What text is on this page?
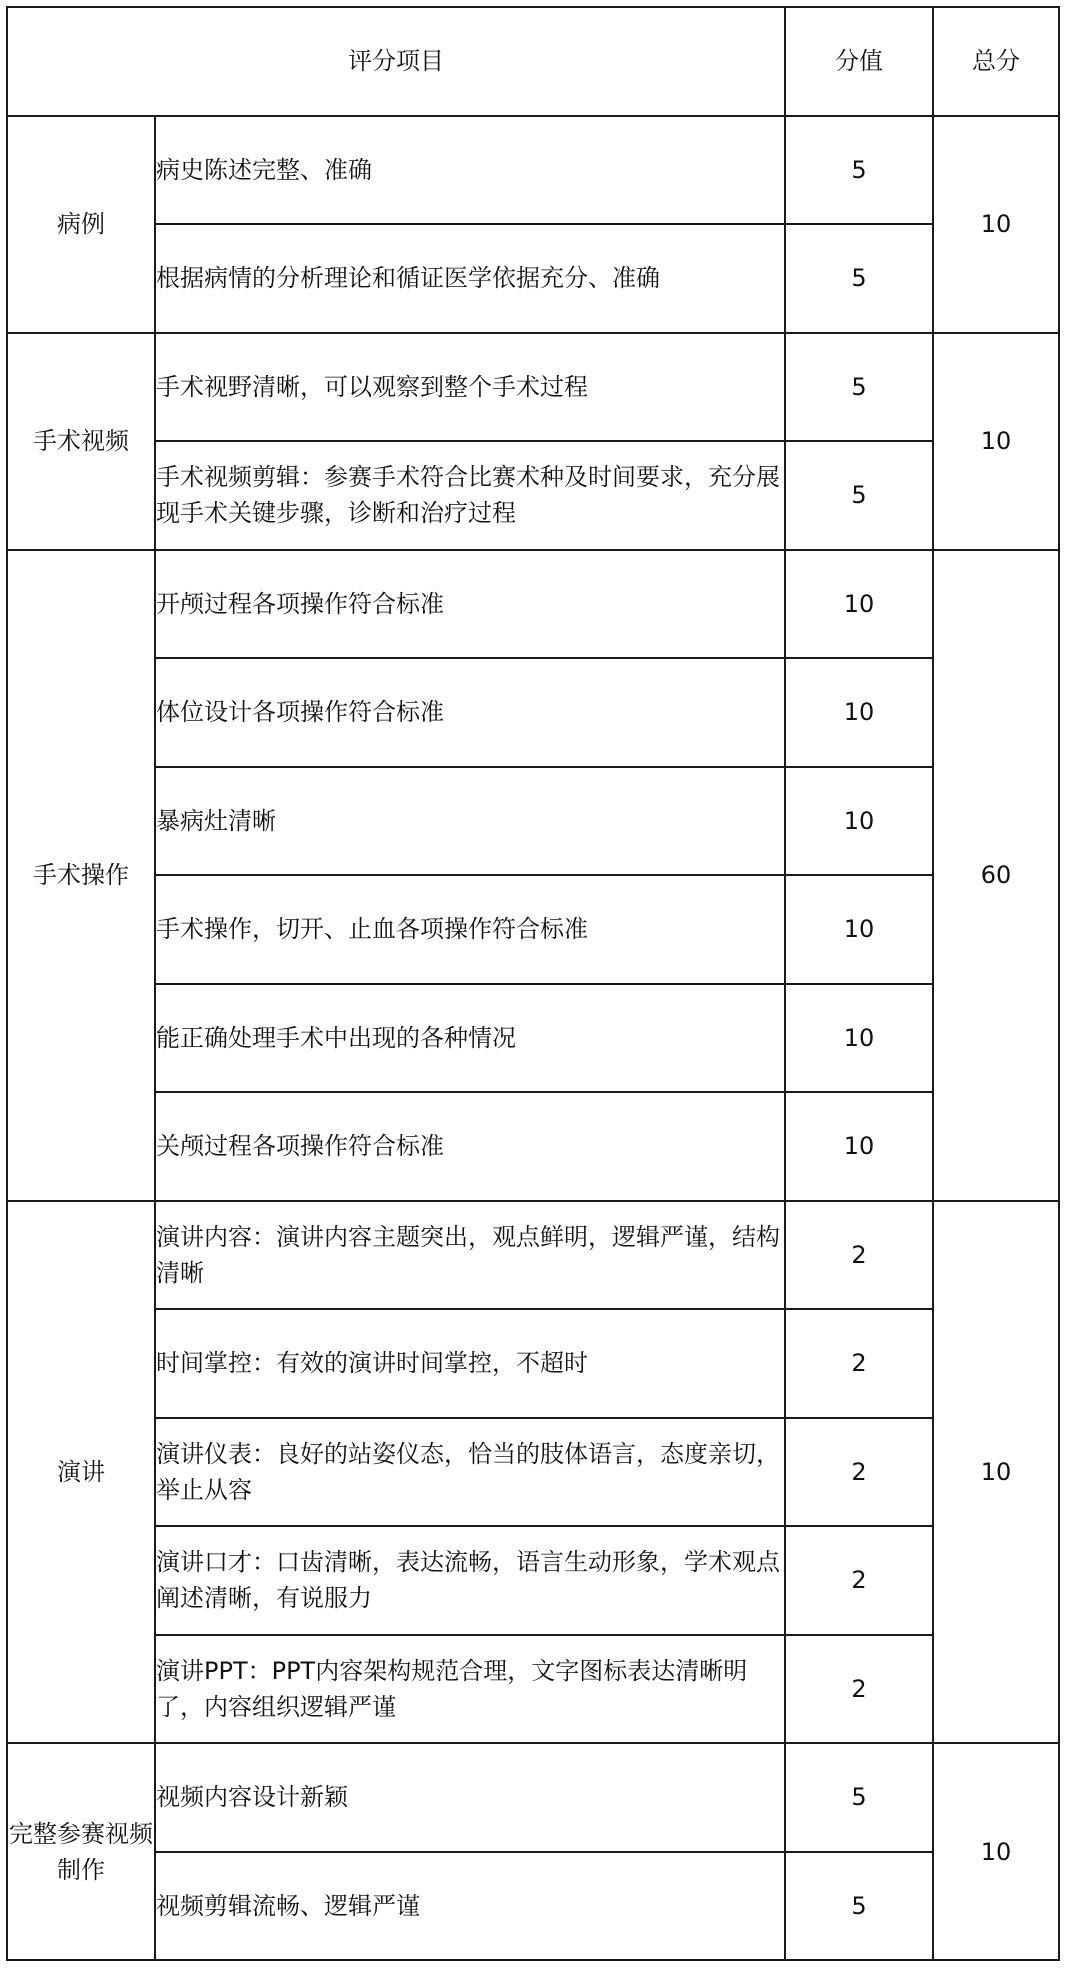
评分项目		分值	总分
病例	病史陈述完整、准确	5	10
	根据病情的分析理论和循证医学依据充分、准确	5	
手术视频	手术视野清晰，可以观察到整个手术过程	5	10
	手术视频剪辑：参赛手术符合比赛术种及时间要求，充分展现手术关键步骤，诊断和治疗过程	5	
手术操作	开颅过程各项操作符合标准	10	60
	体位设计各项操作符合标准	10	
	暴病灶清晰	10	
	手术操作，切开、止血各项操作符合标准	10	
	能正确处理手术中出现的各种情况	10	
	关颅过程各项操作符合标准	10	
演讲	演讲内容：演讲内容主题突出，观点鲜明，逻辑严谨，结构清晰	2	10
	时间掌控：有效的演讲时间掌控，不超时	2	
	演讲仪表：良好的站姿仪态，恰当的肢体语言，态度亲切，举止从容	2	
	演讲口才：口齿清晰，表达流畅，语言生动形象，学术观点阐述清晰，有说服力	2	
	演讲PPT：PPT内容架构规范合理，文字图标表达清晰明了，内容组织逻辑严谨	2	
完整参赛视频制作	视频内容设计新颖	5	10
	视频剪辑流畅、逻辑严谨	5	
